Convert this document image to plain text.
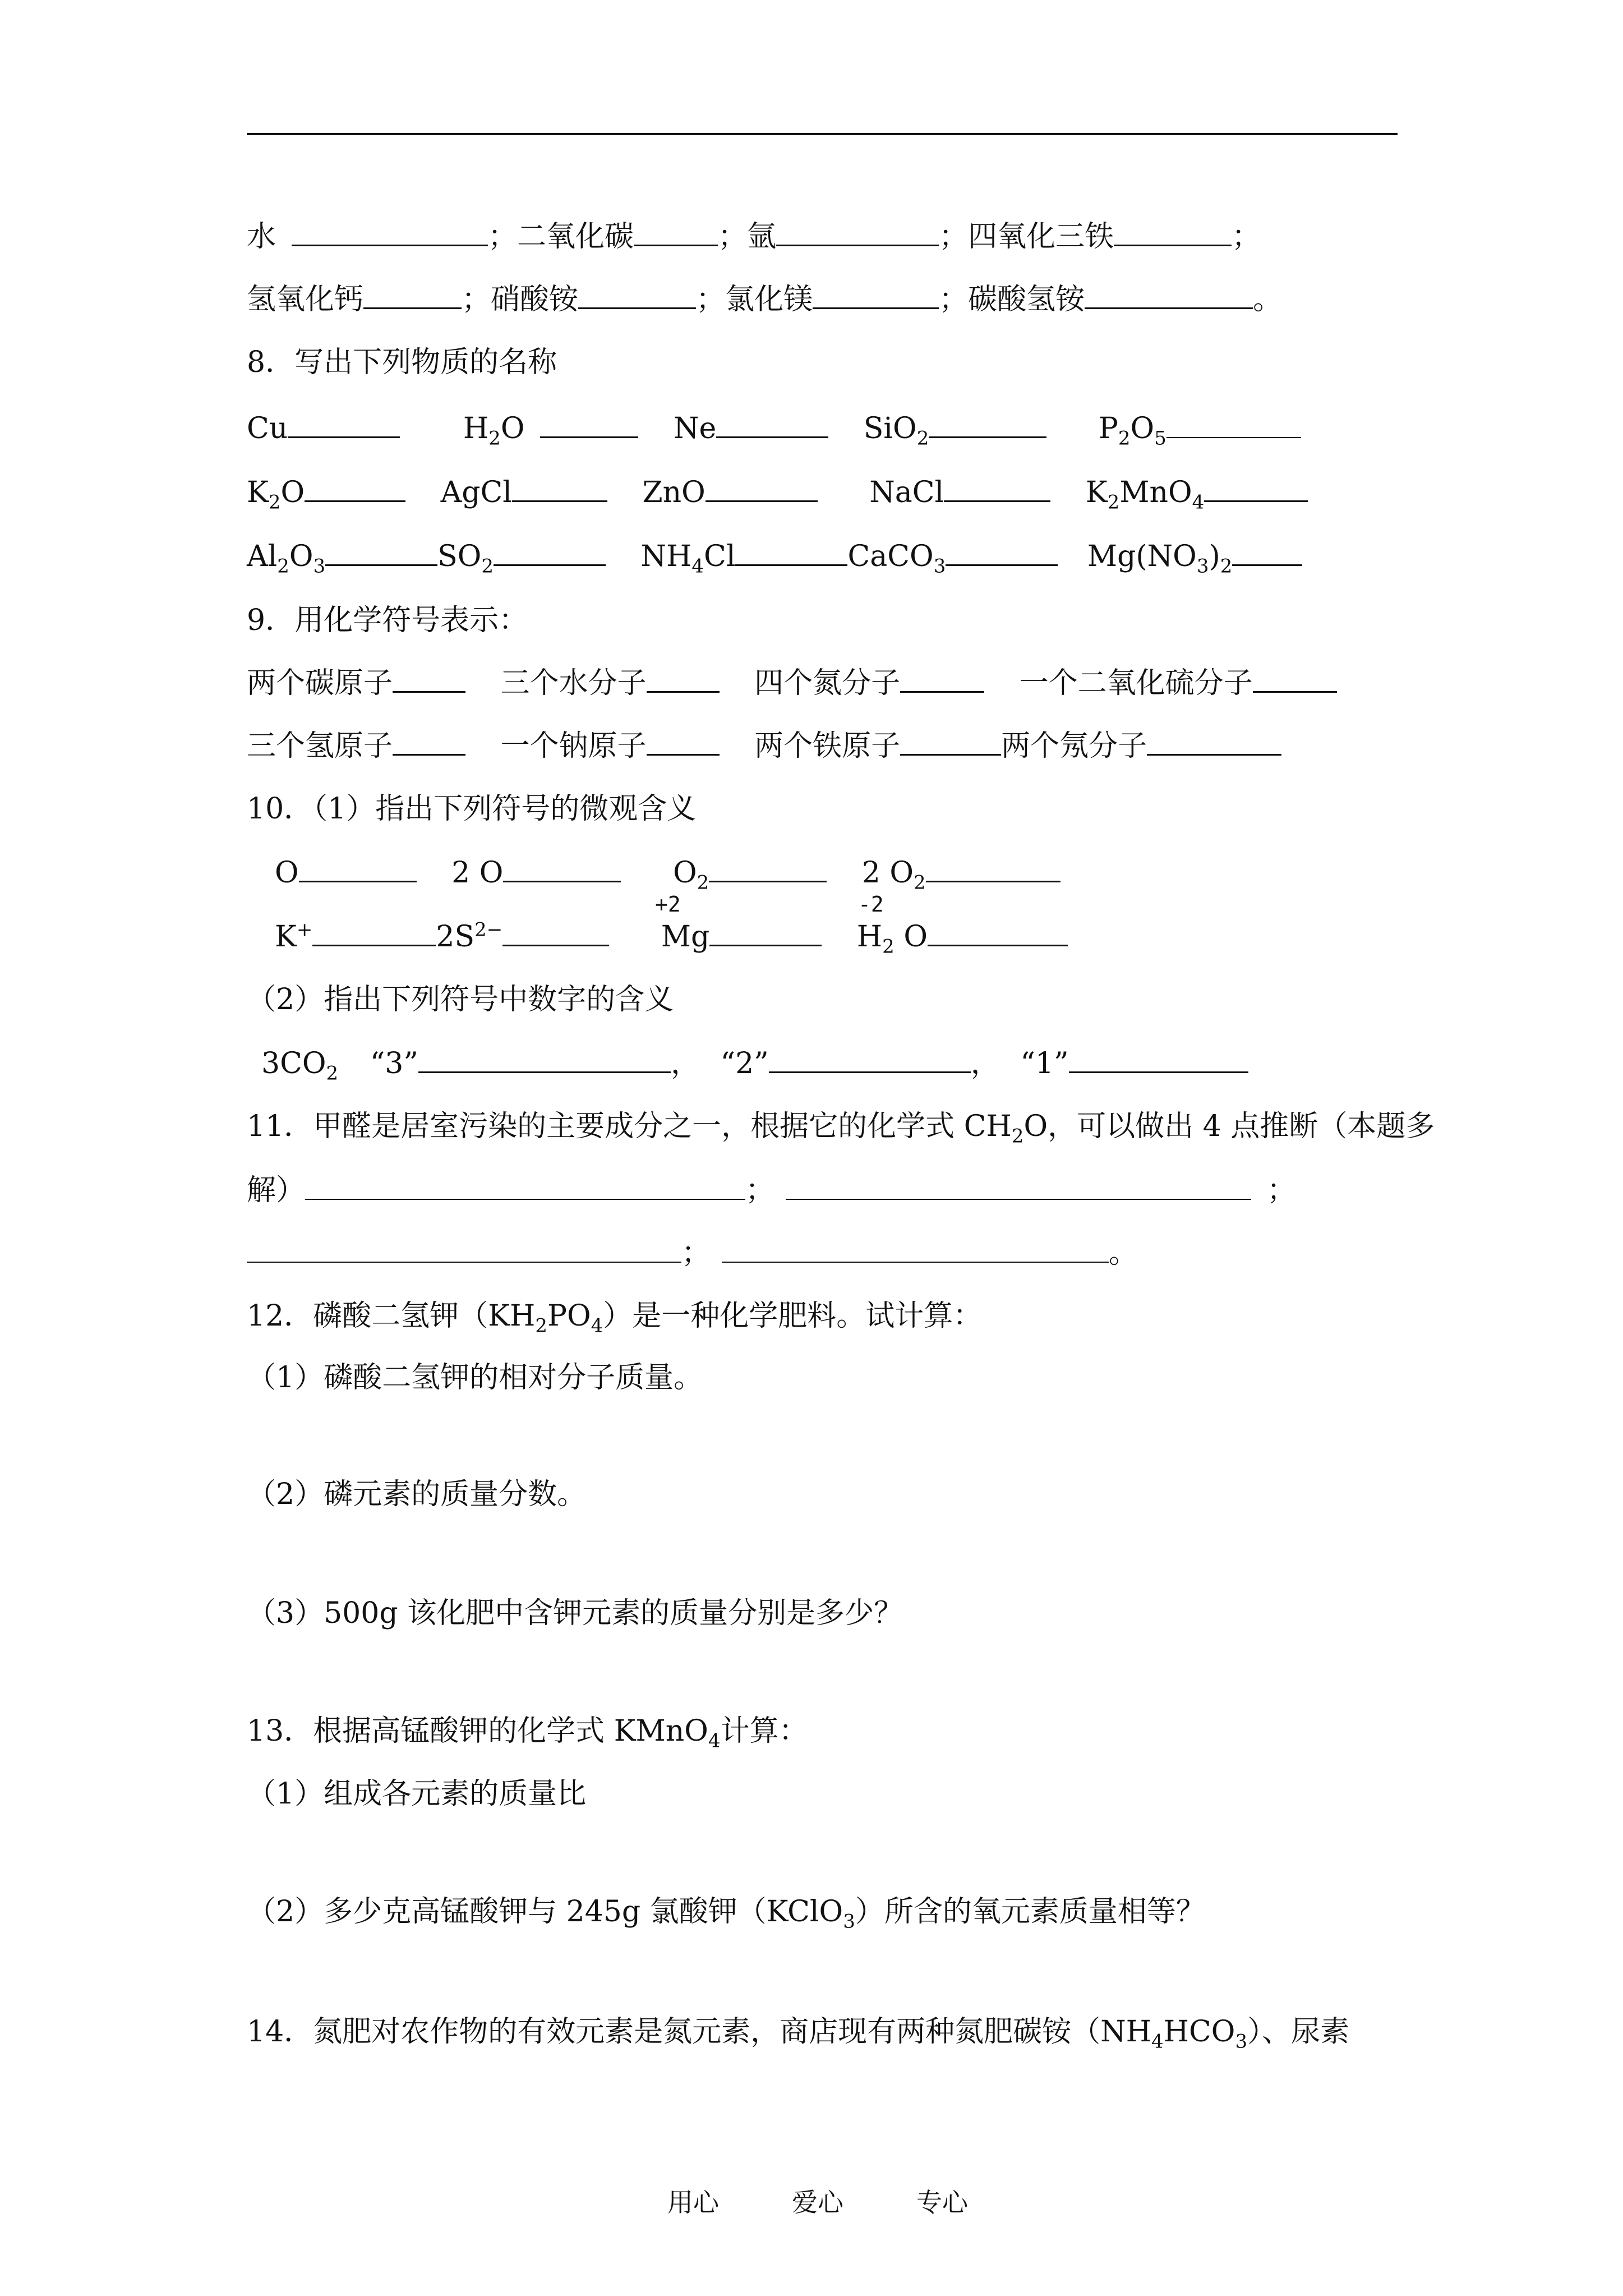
水	；二氧化碳	；氩	；四氧化三铁	；
氢氧化钙	；硝酸铵	；氯化镁	；碳酸氢铵	。
8．写出下列物质的名称
Cu	$H_2O$	Ne	SiO$_2$	$P_2O_5$
$K_2O$	AgCl	ZnO	NaCl	$K_2MnO_4$
$Al_2O_3$	$SO_2$	$NH_4Cl$	CaCO$_3$	$Mg(NO_3)_2$
9．用化学符号表示：
两个碳原子	三个水分子	四个氮分子	一个二氧化硫分子
三个氢原子	一个钠原子	两个铁原子	两个氖分子
10．（1）指出下列符号的微观含义
O	2 O	$O_2$	2 $O_2$
+2	-2
K+	$2S^{2-}$	Mg	$H_2$ O
（2）指出下列符号中数字的含义
$3CO_2$ “3”	， “2”	， “1”
11．甲醛是居室污染的主要成分之一，根据它的化学式 $CH_2O$，可以做出 4 点推断（本题多
解）	；	；
；	。
12．磷酸二氢钾$(KH_2PO_4)$是一种化学肥料。试计算：
（1）磷酸二氢钾的相对分子质量。
（2）磷元素的质量分数。
（3）500g 该化肥中含钾元素的质量分别是多少？
13．根据高锰酸钾的化学式 KMnO$_4$计算：
（1）组成各元素的质量比
（2）多少克高锰酸钾与 245g 氯酸钾（KClO$_3$）所含的氧元素质量相等？
14．氮肥对农作物的有效元素是氮元素，商店现有两种氮肥碳铵$(NH_4HCO_3)$、尿素
用心	爱心	专心
